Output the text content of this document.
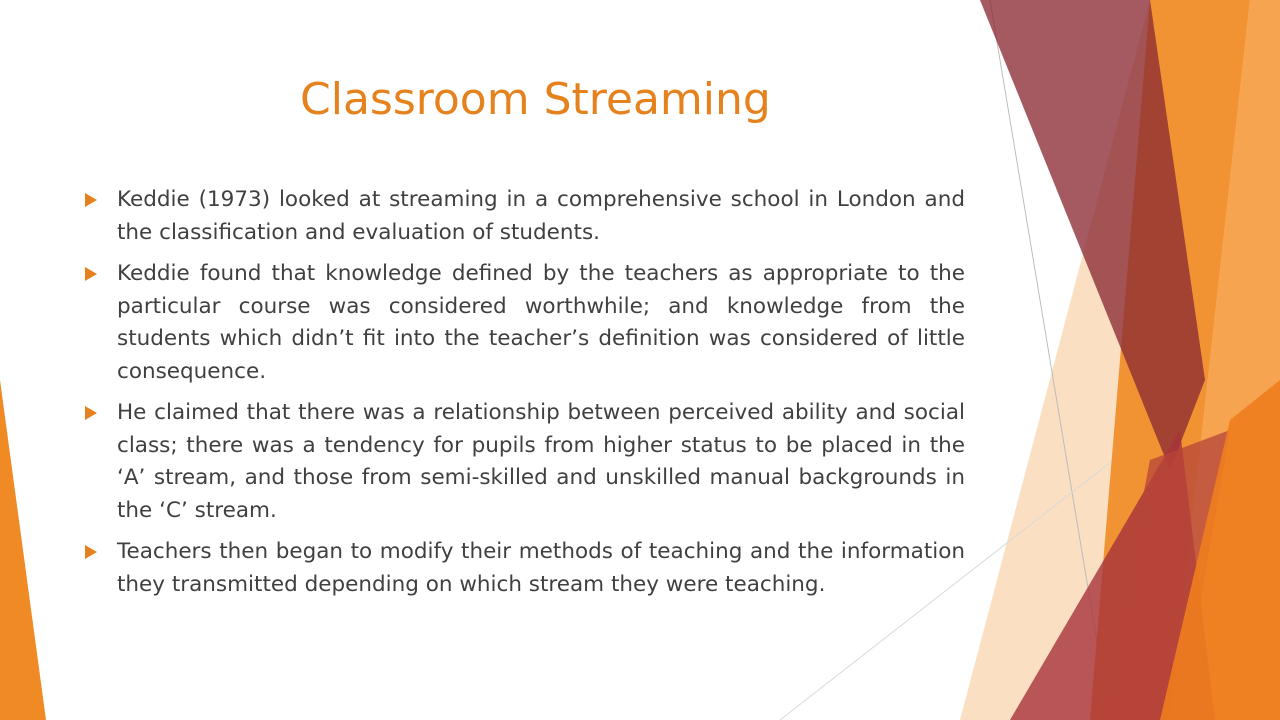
Classroom Streaming
Keddie (1973) looked at streaming in a comprehensive school in London and the classification and evaluation of students.
Keddie found that knowledge defined by the teachers as appropriate to the particular course was considered worthwhile; and knowledge from the students which didn’t fit into the teacher’s definition was considered of little consequence.
He claimed that there was a relationship between perceived ability and social class; there was a tendency for pupils from higher status to be placed in the ‘A’ stream, and those from semi-skilled and unskilled manual backgrounds in the ‘C’ stream.
Teachers then began to modify their methods of teaching and the information they transmitted depending on which stream they were teaching.
